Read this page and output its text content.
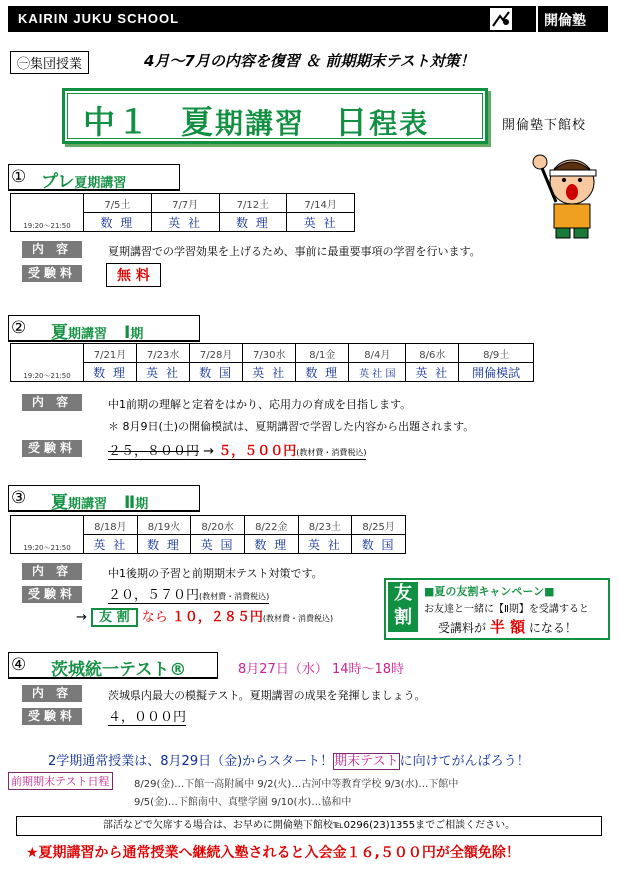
KAIRIN JUKU SCHOOL	開倫塾
㊀集団授業	4月～7月の内容を復習 ＆ 前期期末テスト対策！
中１　 夏期講習　 日程表	開倫塾下館校
① プレ夏期講習
19:20～21:50	7/5土	7/7月	7/12土	7/14月
	数 理	英 社	数 理	英 社
内 容	夏期講習での学習効果を上げるため、事前に最重要事項の学習を行います。
受験料	無 料
② 夏期講習　 Ⅰ期
19:20～21:50	7/21月	7/23水	7/28月	7/30水	8/1金	8/4月	8/6水	8/9土
	数 理	英 社	数 国	英 社	数 理	英 社 国	英 社	開倫模試
内 容	中1前期の理解と定着をはかり、応用力の育成を目指します。
＊ 8月9日(土)の開倫模試は、夏期講習で学習した内容から出題されます。
受験料	２５，８００円 → ５，５００円(教材費・消費税込)
③ 夏期講習　 Ⅱ期
19:20～21:50	8/18月	8/19火	8/20水	8/22金	8/23土	8/25月
	英 社	数 理	英 国	数 理	英 社	数 国
内 容	中1後期の予習と前期期末テスト対策です。
受験料	２０，５７０円(教材費・消費税込)
→ 友 割 なら １０，２８５円(教材費・消費税込)
友割
■夏の友割キャンペーン■
お友達と一緒に【Ⅱ期】を受講すると
受講料が 半 額 になる！
④ 茨城統一テスト®	8月27日（水） 14時～18時
内 容	茨城県内最大の模擬テスト。夏期講習の成果を発揮しましょう。
受験料	４，０００円
2学期通常授業は、8月29日（金)からスタート！期末テストに向けてがんばろう！
前期期末テスト日程	8/29(金)…下館一高附属中 9/2(火)…古河中等教育学校 9/3(水)…下館中
9/5(金)…下館南中、真壁学園 9/10(水)…協和中
部活などで欠席する場合は、お早めに開倫塾下館校℡0296(23)1355までご相談ください。
★夏期講習から通常授業へ継続入塾されると入会金１６,５００円が全額免除！
